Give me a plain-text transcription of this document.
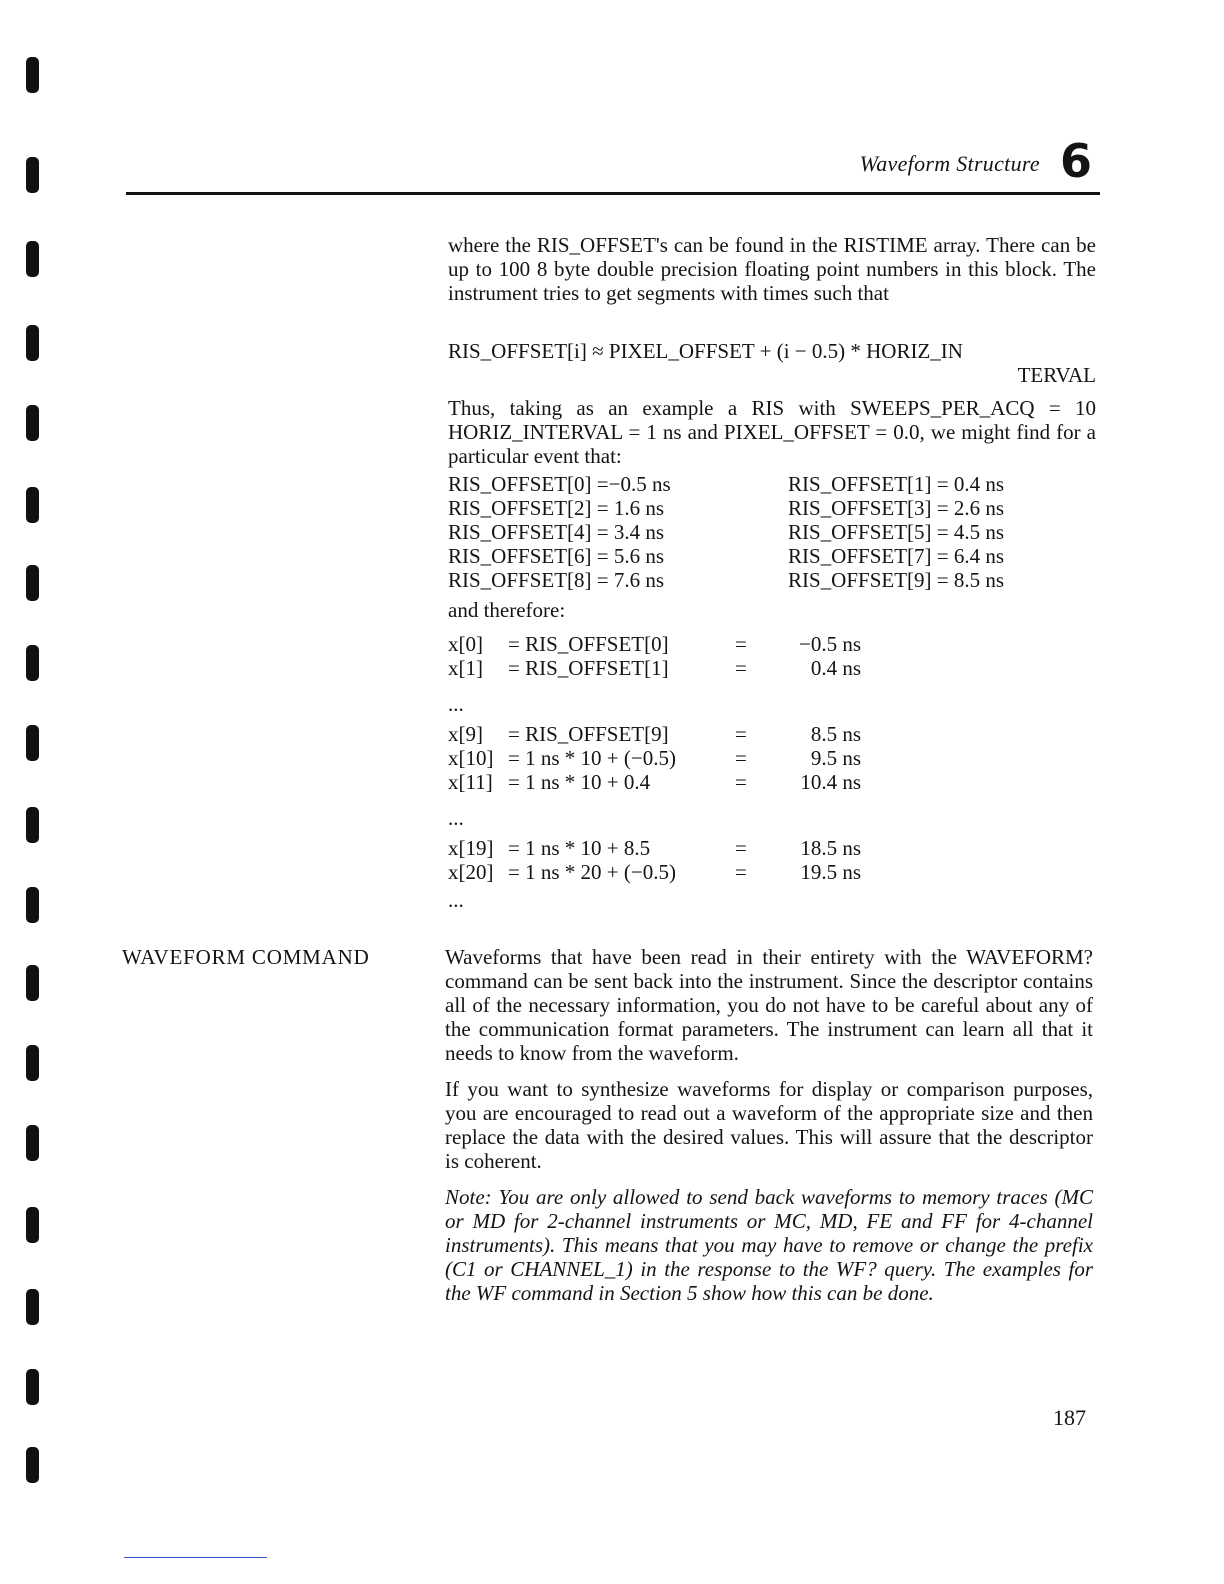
Waveform Structure 6

where the RIS_OFFSET's can be found in the RISTIME array. There can be up to 100 8 byte double precision floating point numbers in this block. The instrument tries to get segments with times such that

RIS_OFFSET[i] ≈ PIXEL_OFFSET + (i − 0.5) * HORIZ_IN
TERVAL

Thus, taking as an example a RIS with SWEEPS_PER_ACQ = 10 HORIZ_INTERVAL = 1 ns and PIXEL_OFFSET = 0.0, we might find for a particular event that:

RIS_OFFSET[0] =−0.5 ns	RIS_OFFSET[1] = 0.4 ns
RIS_OFFSET[2] = 1.6 ns	RIS_OFFSET[3] = 2.6 ns
RIS_OFFSET[4] = 3.4 ns	RIS_OFFSET[5] = 4.5 ns
RIS_OFFSET[6] = 5.6 ns	RIS_OFFSET[7] = 6.4 ns
RIS_OFFSET[8] = 7.6 ns	RIS_OFFSET[9] = 8.5 ns
and therefore:
x[0] = RIS_OFFSET[0]	=	−0.5 ns
x[1] = RIS_OFFSET[1]	=	0.4 ns
...
x[9] = RIS_OFFSET[9]	=	8.5 ns
x[10] = 1 ns * 10 + (−0.5)	=	9.5 ns
x[11] = 1 ns * 10 + 0.4	=	10.4 ns
...
x[19] = 1 ns * 10 + 8.5	=	18.5 ns
x[20] = 1 ns * 20 + (−0.5)	=	19.5 ns
...
WAVEFORM COMMAND	Waveforms that have been read in their entirety with the WAVEFORM? command can be sent back into the instrument. Since the descriptor contains all of the necessary information, you do not have to be careful about any of the communication format parameters. The instrument can learn all that it needs to know from the waveform.

If you want to synthesize waveforms for display or comparison purposes, you are encouraged to read out a waveform of the appropriate size and then replace the data with the desired values. This will assure that the descriptor is coherent.

Note: You are only allowed to send back waveforms to memory traces (MC or MD for 2-channel instruments or MC, MD, FE and FF for 4-channel instruments). This means that you may have to remove or change the prefix (C1 or CHANNEL_1) in the response to the WF? query. The examples for the WF command in Section 5 show how this can be done.

187
